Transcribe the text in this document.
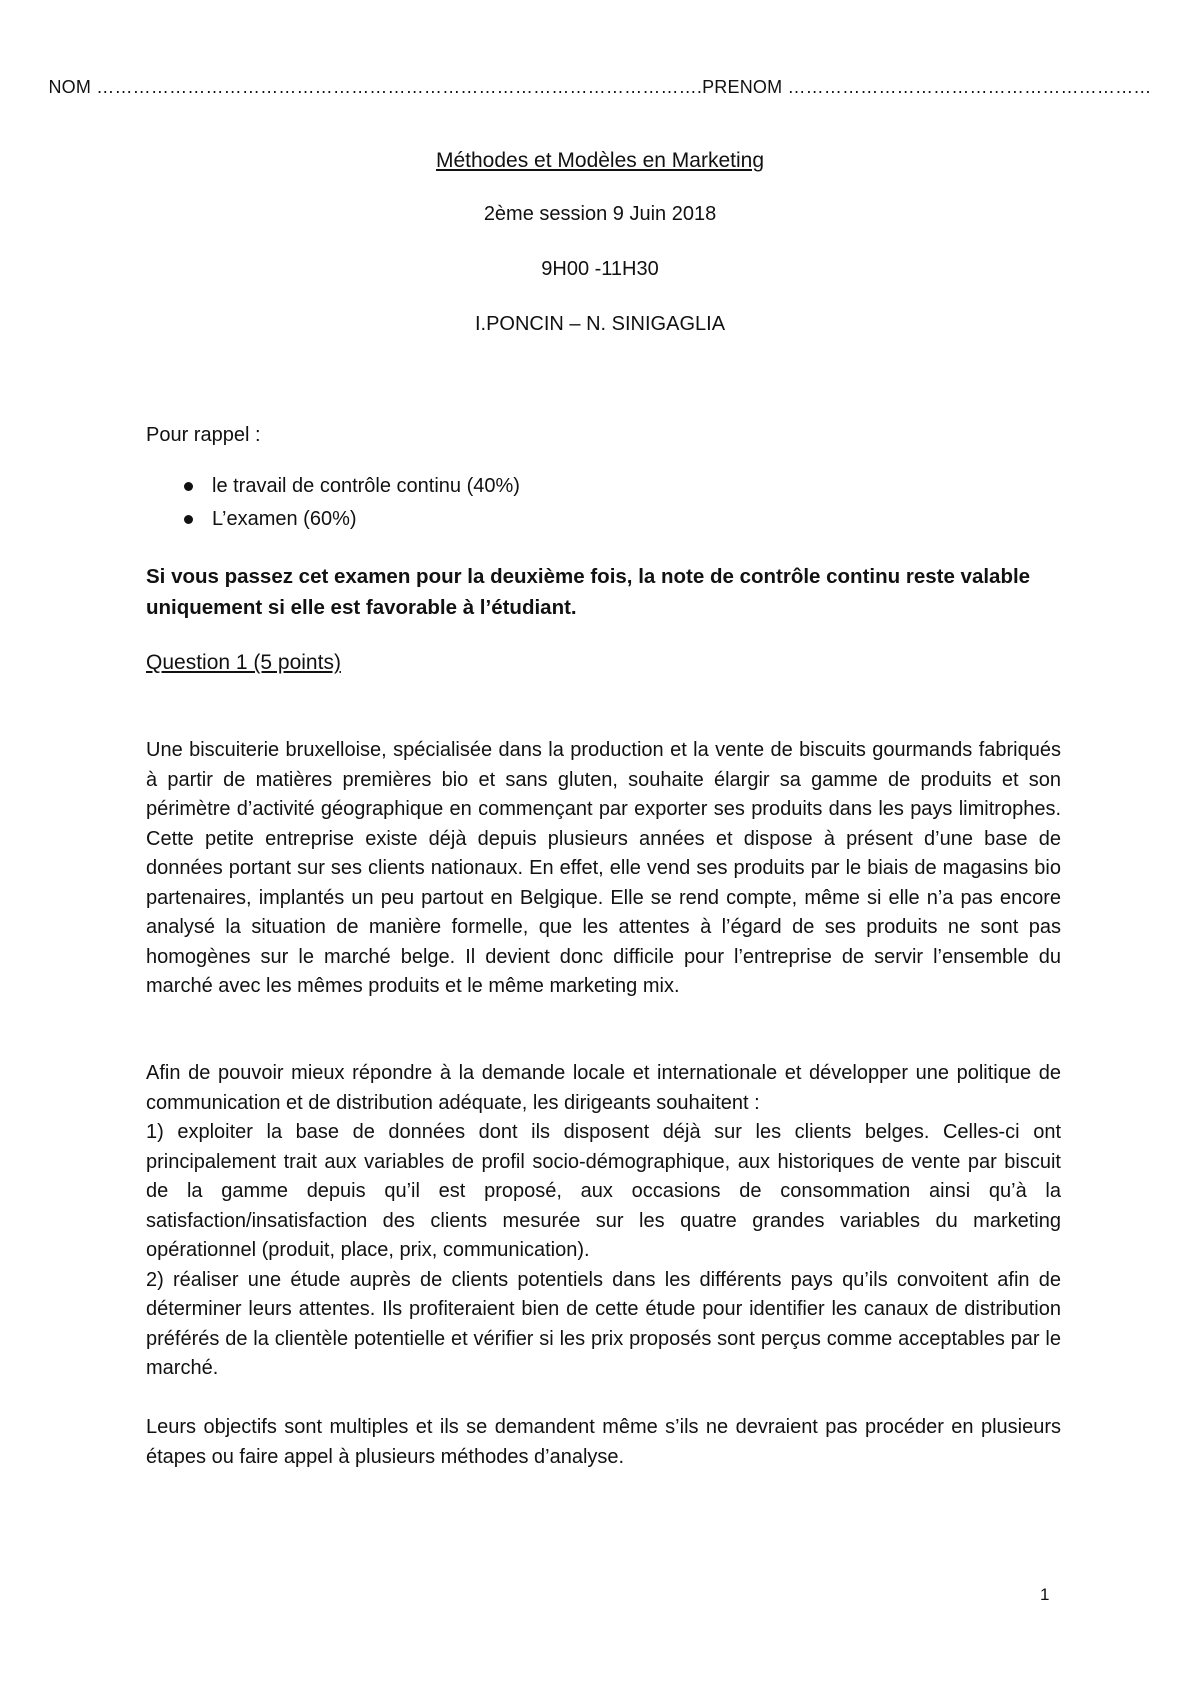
NOM ……………………………………………………………………………………….PRENOM ……………………………………………………
Méthodes et Modèles en Marketing
2ème session 9 Juin 2018
9H00 -11H30
I.PONCIN – N. SINIGAGLIA
Pour rappel :
le travail de contrôle continu (40%)
L’examen (60%)
Si vous passez cet examen pour la deuxième fois, la note de contrôle continu reste valable uniquement si elle est favorable à l’étudiant.
Question 1 (5 points)

Une biscuiterie bruxelloise, spécialisée dans la production et la vente de biscuits gourmands fabriqués à partir de matières premières bio et sans gluten, souhaite élargir sa gamme de produits et son périmètre d’activité géographique en commençant par exporter ses produits dans les pays limitrophes. Cette petite entreprise existe déjà depuis plusieurs années et dispose à présent d’une base de données portant sur ses clients nationaux. En effet, elle vend ses produits par le biais de magasins bio partenaires, implantés un peu partout en Belgique. Elle se rend compte, même si elle n’a pas encore analysé la situation de manière formelle, que les attentes à l’égard de ses produits ne sont pas homogènes sur le marché belge. Il devient donc difficile pour l’entreprise de servir l’ensemble du marché avec les mêmes produits et le même marketing mix.

Afin de pouvoir mieux répondre à la demande locale et internationale et développer une politique de communication et de distribution adéquate, les dirigeants souhaitent :

1) exploiter la base de données dont ils disposent déjà sur les clients belges. Celles-ci ont principalement trait aux variables de profil socio-démographique, aux historiques de vente par biscuit de la gamme depuis qu’il est proposé, aux occasions de consommation ainsi qu’à la satisfaction/insatisfaction des clients mesurée sur les quatre grandes variables du marketing opérationnel (produit, place, prix, communication).

2) réaliser une étude auprès de clients potentiels dans les différents pays qu’ils convoitent afin de déterminer leurs attentes. Ils profiteraient bien de cette étude pour identifier les canaux de distribution préférés de la clientèle potentielle et vérifier si les prix proposés sont perçus comme acceptables par le marché.

Leurs objectifs sont multiples et ils se demandent même s’ils ne devraient pas procéder en plusieurs étapes ou faire appel à plusieurs méthodes d’analyse.

1
